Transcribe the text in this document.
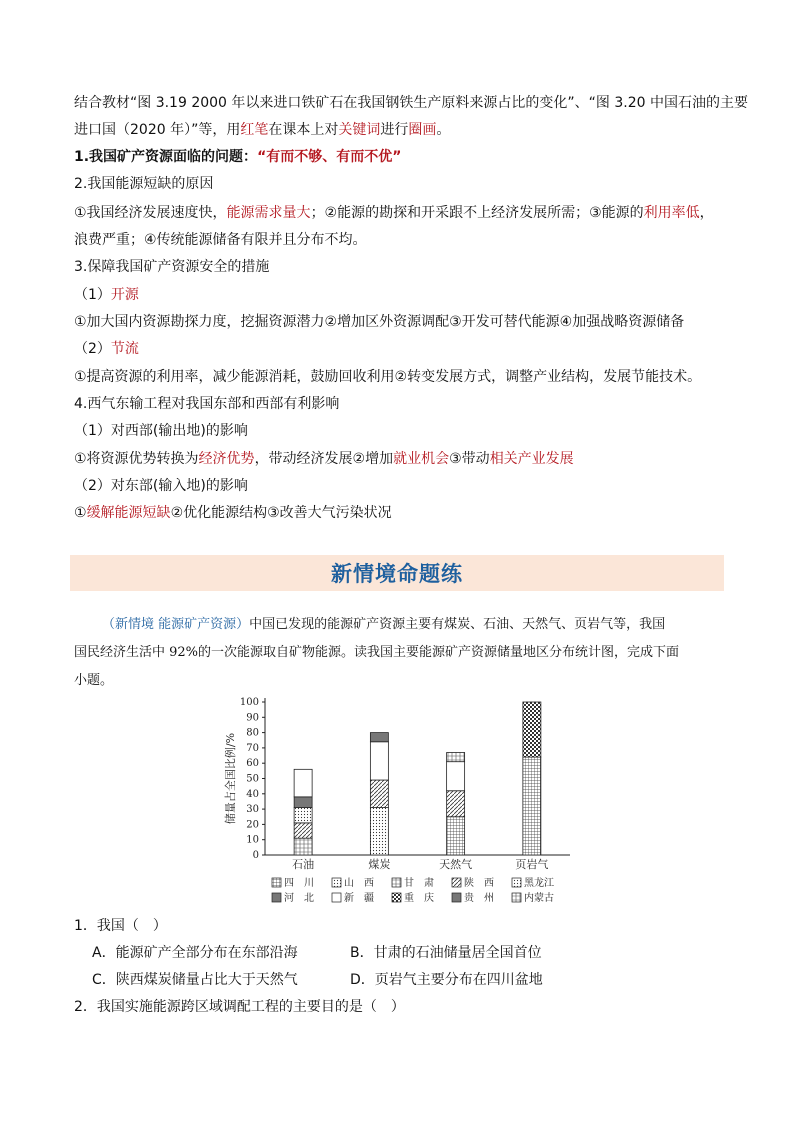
结合教材“图 3.19 2000 年以来进口铁矿石在我国钢铁生产原料来源占比的变化”、“图 3.20 中国石油的主要
进口国（2020 年）”等，用红笔在课本上对关键词进行圈画。
1.我国矿产资源面临的问题：“有而不够、有而不优”
2.我国能源短缺的原因
①我国经济发展速度快，能源需求量大；②能源的勘探和开采跟不上经济发展所需；③能源的利用率低，
浪费严重；④传统能源储备有限并且分布不均。
3.保障我国矿产资源安全的措施
（1）开源
①加大国内资源勘探力度，挖掘资源潜力②增加区外资源调配③开发可替代能源④加强战略资源储备
（2）节流
①提高资源的利用率，减少能源消耗，鼓励回收利用②转变发展方式，调整产业结构，发展节能技术。
4.西气东输工程对我国东部和西部有利影响
（1）对西部(输出地)的影响
①将资源优势转换为经济优势，带动经济发展②增加就业机会③带动相关产业发展
（2）对东部(输入地)的影响
①缓解能源短缺②优化能源结构③改善大气污染状况
新情境命题练
（新情境 能源矿产资源）中国已发现的能源矿产资源主要有煤炭、石油、天然气、页岩气等，我国
国民经济生活中 92%的一次能源取自矿物能源。读我国主要能源矿产资源储量地区分布统计图，完成下面
小题。
0
10
20
30
40
50
60
70
80
90
100
储量占全国比例/%
石油	煤炭	天然气	页岩气
四　川	山　西	甘　肃	陕　西	黑龙江
河　北	新　疆	重　庆	贵　州	内蒙古
1．我国（　）
A．能源矿产全部分布在东部沿海	B．甘肃的石油储量居全国首位
C．陕西煤炭储量占比大于天然气	D．页岩气主要分布在四川盆地
2．我国实施能源跨区域调配工程的主要目的是（　）
